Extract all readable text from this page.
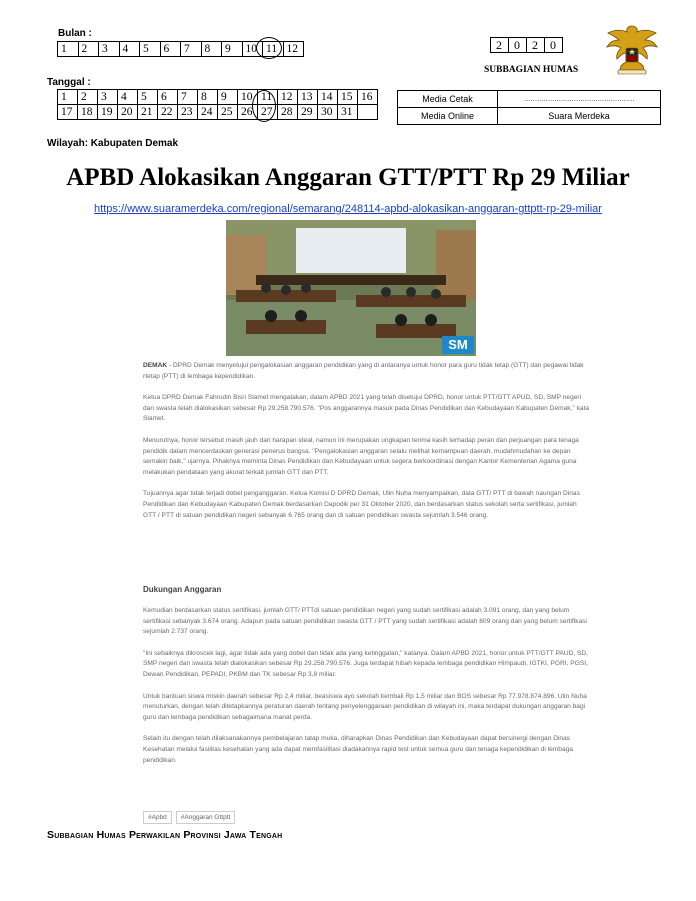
Bulan :
1	2	3	4	5	6	7	8	9	10	11	12
Tanggal :
1	2	3	4	5	6	7	8	9	10	11	12	13	14	15	16
17	18	19	20	21	22	23	24	25	26	27	28	29	30	31	
2	0	2	0
SUBBAGIAN HUMAS
Media Cetak	……………………………………………
Media Online	Suara Merdeka
Wilayah: Kabupaten Demak
APBD Alokasikan Anggaran GTT/PTT Rp 29 Miliar
https://www.suaramerdeka.com/regional/semarang/248114-apbd-alokasikan-anggaran-gttptt-rp-29-miliar
SM

DEMAK - DPRD Demak menyetujui pengalokasian anggaran pendidikan yang di antaranya untuk honor para guru tidak tetap (GTT) dan pegawai tidak rtetap (PTT) di lembaga kependidikan.

Ketua DPRD Demak Fahrudin Bisri Slamet mengatakan, dalam APBD 2021 yang telah disetujui DPRD, honor untuk PTT/GTT APUD, SD, SMP negeri dan swasta telah dialokasikan sebesar Rp 29.258.790.576. "Pos anggarannya masuk pada Dinas Pendidikan dan Kebudayaan Kabupaten Demak," kata Slamet.

Menurutnya, honor tersebut masih jauh dari harapan ideal, namun ini merupakan ungkapan terima kasih terhadap peran dan perjuangan para tenaga pendidik dalam mencerdaskan generasi penerus bangsa. "Pengalokasian anggaran selalu melihat kemampuan daerah, mudahmudahan ke depan semakin baik," ujarnya. Pihaknya meminta Dinas Pendidikan dan Kebudayaan untuk segera berkoordinasi dengan Kantor Kementerian Agama guna melakukan pendataan yang akurat terkait jumlah GTT dan PTT.

Tujuannya agar tidak terjadi dobel penganggaran. Ketua Komisi D DPRD Demak, Ulin Nuha menyampaikan, data GTT/ PTT di bawah naungan Dinas Pendidikan dan Kebudayaan Kabupaten Demak berdasarkan Dapodik per 31 Oktober 2020, dan berdasarkan status sekolah serta sertifikasi, jumlah GTT / PTT di satuan pendidikan negeri sebanyak 6.765 orang dan di satuan pendidikan swasta sejumlah 3.546 orang.

Dukungan Anggaran

Kemudian berdasarkan status sertifikasi, jumlah GTT/ PTTdi satuan pendidikan negeri yang sudah sertifikasi adalah 3.091 orang, dan yang belum sertifikasi sebanyak 3.674 orang. Adapun pada satuan pendidikan swasta GTT / PTT yang sudah sertifikasi adalah 809 orang dan yang belum sertifikasi sejumlah 2.737 orang.

"Ini sebaiknya dikroscek lagi, agar tidak ada yang dobel dan tidak ada yang ketinggalan," katanya. Dalam APBD 2021, honor untuk PTT/GTT PAUD, SD, SMP negeri dan swasta telah dialokasikan sebesar Rp 29.258.790.576. Juga terdapat hibah kepada lembaga pendidikan Himpaudi, IGTKI, PGRI, PGSI, Dewan Pendidikan, PEPADI, PKBM dan TK sebesar Rp 3,8 miliar.

Untuk bantuan siswa miskin daerah sebesar Rp 2,4 miliar, beasiswa ayo sekolah kembali Rp 1,5 miliar dan BOS sebesar Rp 77.978.874.896. Ulin Nuha menuturkan, dengan telah ditetapkannya peraturan daerah tentang penyelenggaraan pendidikan di wilayah ini, maka terdapat dukungan anggaran bagi guru dan lembaga pendidikan sebagaimana manat perda.

Selain itu dengan telah dilaksanakannya pembelajaran tatap muka, diharapkan Dinas Pendidikan dan Kebudayaan dapat bersinergi dengan Dinas Kesehatan melalui fasilitas kesehatan yang ada dapat memfasilitasi diadakannya rapid test untuk semua guru dan tenaga kependidikan di lembaga pendidikan.

#Apbd #Anggaran Gttptt
Subbagian Humas Perwakilan Provinsi Jawa Tengah
